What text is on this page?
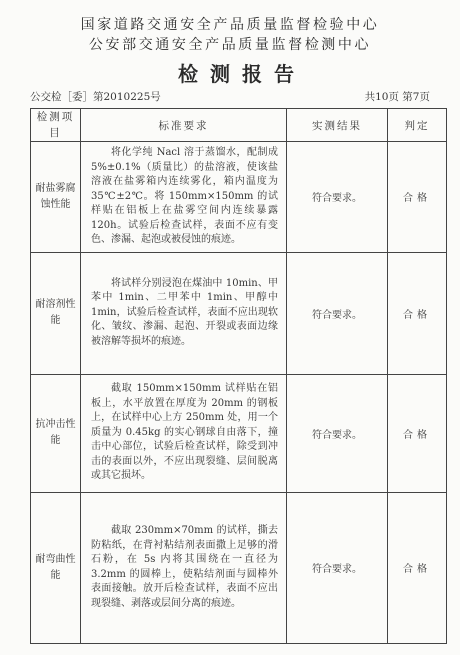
国家道路交通安全产品质量监督检验中心
公安部交通安全产品质量监督检测中心
检测报告
公交检［委］第2010225号	共10页 第7页
检测项目	标准要求	实测结果	判定
耐盐雾腐蚀性能	将化学纯 Nacl 溶于蒸馏水，配制成 5%±0.1%（质量比）的盐溶液，使该盐溶液在盐雾箱内连续雾化，箱内温度为 35℃±2℃。将 150mm×150mm 的试样贴在铝板上在盐雾空间内连续暴露 120h。试验后检查试样，表面不应有变色、渗漏、起泡或被侵蚀的痕迹。	符合要求。	合格
耐溶剂性能	将试样分别浸泡在煤油中 10min、甲苯中 1min、二甲苯中 1min、甲醇中 1min，试验后检查试样，表面不应出现软化、皱纹、渗漏、起泡、开裂或表面边缘被溶解等损坏的痕迹。	符合要求。	合格
抗冲击性能	截取 150mm×150mm 试样贴在铝板上，水平放置在厚度为 20mm 的钢板上，在试样中心上方 250mm 处，用一个质量为 0.45kg 的实心钢球自由落下，撞击中心部位，试验后检查试样，除受到冲击的表面以外，不应出现裂缝、层间脱离或其它损坏。	符合要求。	合格
耐弯曲性能	截取 230mm×70mm 的试样，撕去防粘纸，在背衬粘结剂表面撒上足够的滑石粉，在 5s 内将其围绕在一直径为 3.2mm 的圆棒上，使粘结剂面与圆棒外表面接触。放开后检查试样，表面不应出现裂缝、剥落或层间分离的痕迹。	符合要求。	合格
